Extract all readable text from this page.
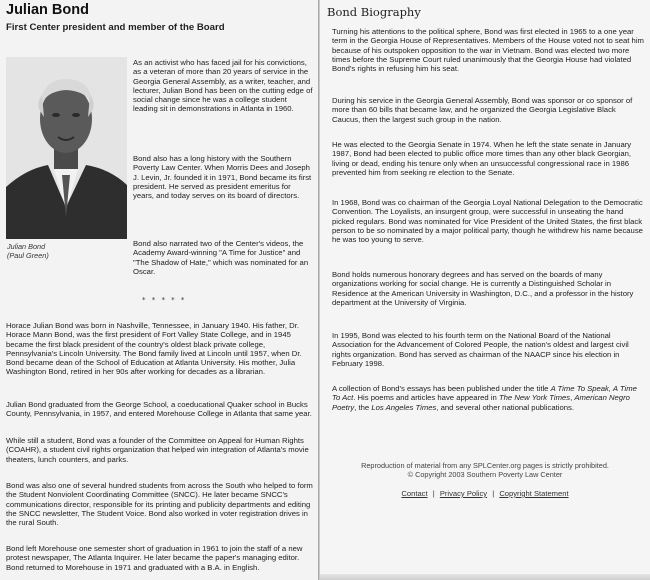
Julian Bond
First Center president and member of the Board
Julian Bond
(Paul Green)

As an activist who has faced jail for his convictions, as a veteran of more than 20 years of service in the Georgia General Assembly, as a writer, teacher, and lecturer, Julian Bond has been on the cutting edge of social change since he was a college student leading sit in demonstrations in Atlanta in 1960.

Bond also has a long history with the Southern Poverty Law Center. When Morris Dees and Joseph J. Levin, Jr. founded it in 1971, Bond became its first president. He served as president emeritus for years, and today serves on its board of directors.

Bond also narrated two of the Center's videos, the Academy Award-winning "A Time for Justice" and "The Shadow of Hate," which was nominated for an Oscar.

* * * * *

Horace Julian Bond was born in Nashville, Tennessee, in January 1940. His father, Dr. Horace Mann Bond, was the first president of Fort Valley State College, and in 1945 became the first black president of the country's oldest black private college, Pennsylvania's Lincoln University. The Bond family lived at Lincoln until 1957, when Dr. Bond became dean of the School of Education at Atlanta University. His mother, Julia Washington Bond, retired in her 90s after working for decades as a librarian.

Julian Bond graduated from the George School, a coeducational Quaker school in Bucks County, Pennsylvania, in 1957, and entered Morehouse College in Atlanta that same year.

While still a student, Bond was a founder of the Committee on Appeal for Human Rights (COAHR), a student civil rights organization that helped win integration of Atlanta's movie theaters, lunch counters, and parks.

Bond was also one of several hundred students from across the South who helped to form the Student Nonviolent Coordinating Committee (SNCC). He later became SNCC's communications director, responsible for its printing and publicity departments and editing the SNCC newsletter, The Student Voice. Bond also worked in voter registration drives in the rural South.

Bond left Morehouse one semester short of graduation in 1961 to join the staff of a new protest newspaper, The Atlanta Inquirer. He later became the paper's managing editor. Bond returned to Morehouse in 1971 and graduated with a B.A. in English.

Bond Biography

Turning his attentions to the political sphere, Bond was first elected in 1965 to a one year term in the Georgia House of Representatives. Members of the House voted not to seat him because of his outspoken opposition to the war in Vietnam. Bond was elected two more times before the Supreme Court ruled unanimously that the Georgia House had violated Bond's rights in refusing him his seat.

During his service in the Georgia General Assembly, Bond was sponsor or co sponsor of more than 60 bills that became law, and he organized the Georgia Legislative Black Caucus, then the largest such group in the nation.

He was elected to the Georgia Senate in 1974. When he left the state senate in January 1987, Bond had been elected to public office more times than any other black Georgian, living or dead, ending his tenure only when an unsuccessful congressional race in 1986 prevented him from seeking re election to the Senate.

In 1968, Bond was co chairman of the Georgia Loyal National Delegation to the Democratic Convention. The Loyalists, an insurgent group, were successful in unseating the hand picked regulars. Bond was nominated for Vice President of the United States, the first black person to be so nominated by a major political party, though he withdrew his name because he was too young to serve.

Bond holds numerous honorary degrees and has served on the boards of many organizations working for social change. He is currently a Distinguished Scholar in Residence at the American University in Washington, D.C., and a professor in the history department at the University of Virginia.

In 1995, Bond was elected to his fourth term on the National Board of the National Association for the Advancement of Colored People, the nation's oldest and largest civil rights organization. Bond has served as chairman of the NAACP since his election in February 1998.

A collection of Bond's essays has been published under the title A Time To Speak, A Time To Act. His poems and articles have appeared in The New York Times, American Negro Poetry, the Los Angeles Times, and several other national publications.

Reproduction of material from any SPLCenter.org pages is strictly prohibited.
© Copyright 2003 Southern Poverty Law Center
Contact | Privacy Policy | Copyright Statement
